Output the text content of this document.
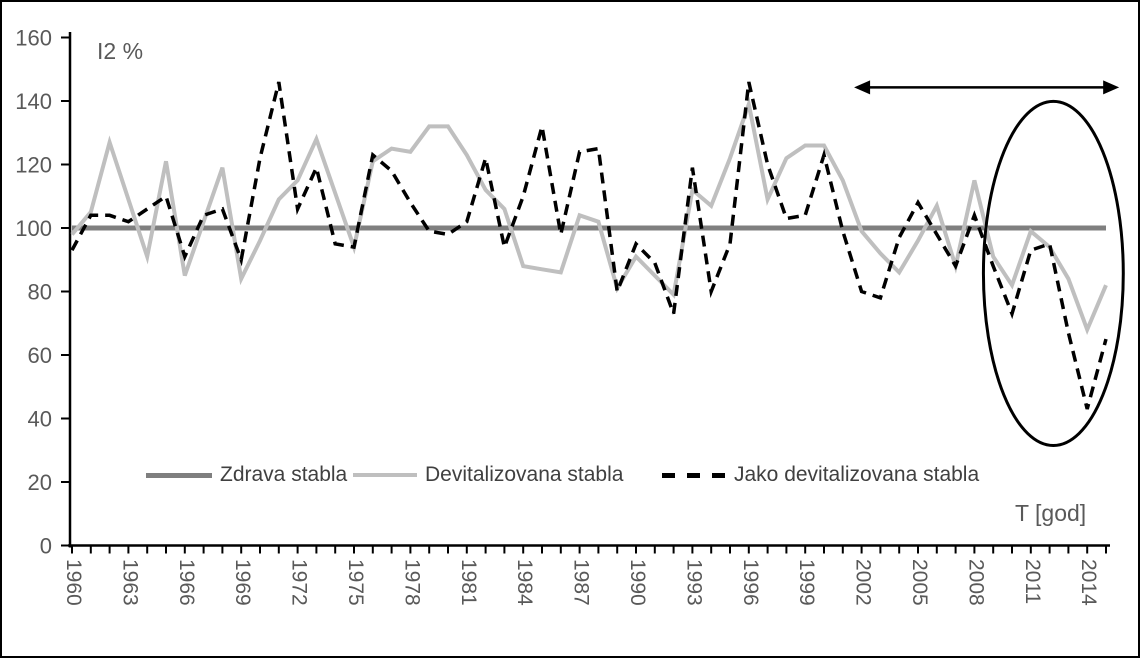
0
20
40
60
80
100
120
140
160
1960 1963 1966 1969 1972 1975 1978 1981 1984 1987 1990 1993 1996 1999 2002 2005 2008 2011 2014
I2 %
T [god]
Zdrava stabla	Devitalizovana stabla	Jako devitalizovana stabla
